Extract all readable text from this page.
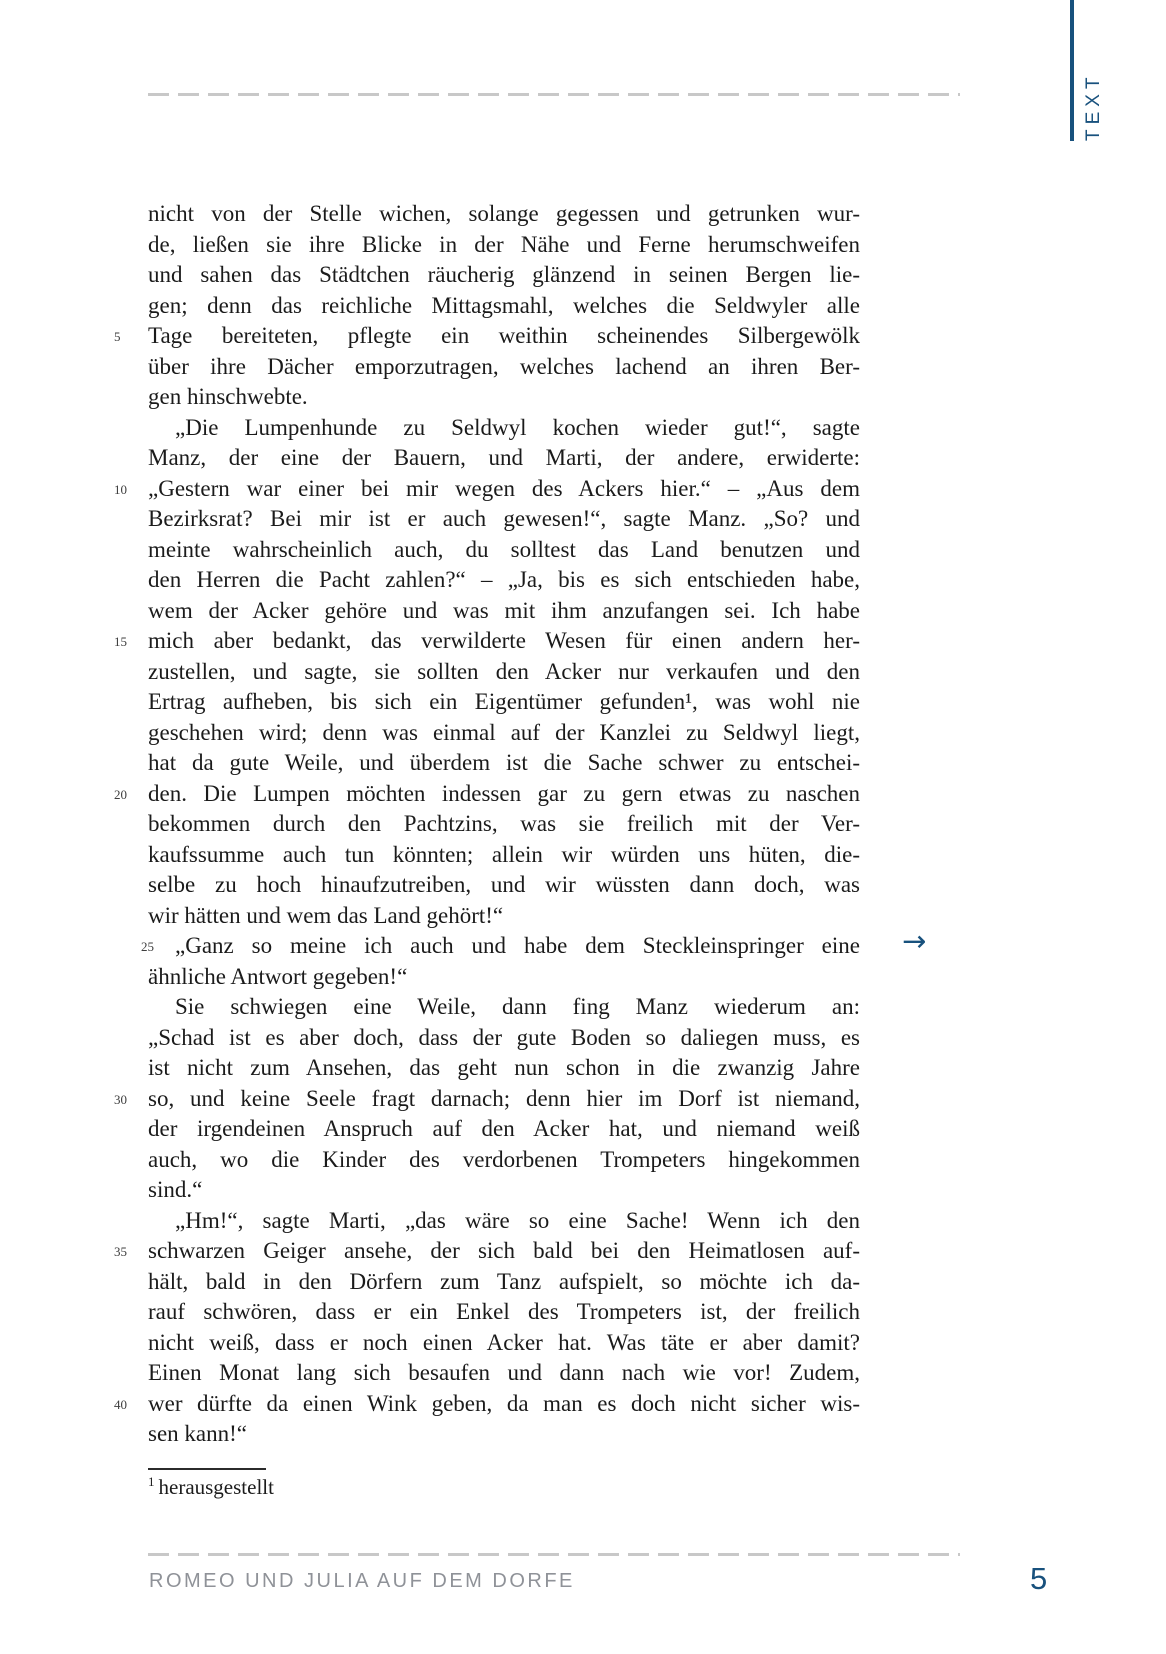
TEXT
nicht von der Stelle wichen, solange gegessen und getrunken wur-
de, ließen sie ihre Blicke in der Nähe und Ferne herumschweifen
und sahen das Städtchen räucherig glänzend in seinen Bergen lie-
gen; denn das reichliche Mittagsmahl, welches die Seldwyler alle
5	Tage bereiteten, pflegte ein weithin scheinendes Silbergewölk
über ihre Dächer emporzutragen, welches lachend an ihren Ber-
gen hinschwebte.
„Die Lumpenhunde zu Seldwyl kochen wieder gut!“, sagte
Manz, der eine der Bauern, und Marti, der andere, erwiderte:
10 „Gestern war einer bei mir wegen des Ackers hier.“ – „Aus dem
Bezirksrat? Bei mir ist er auch gewesen!“, sagte Manz. „So? und
meinte wahrscheinlich auch, du solltest das Land benutzen und
den Herren die Pacht zahlen?“ – „Ja, bis es sich entschieden habe,
wem der Acker gehöre und was mit ihm anzufangen sei. Ich habe
15 mich aber bedankt, das verwilderte Wesen für einen andern her-
zustellen, und sagte, sie sollten den Acker nur verkaufen und den
Ertrag aufheben, bis sich ein Eigentümer gefunden¹, was wohl nie
geschehen wird; denn was einmal auf der Kanzlei zu Seldwyl liegt,
hat da gute Weile, und überdem ist die Sache schwer zu entschei-
20 den. Die Lumpen möchten indessen gar zu gern etwas zu naschen
bekommen durch den Pachtzins, was sie freilich mit der Ver-
kaufssumme auch tun könnten; allein wir würden uns hüten, die-
selbe zu hoch hinaufzutreiben, und wir wüssten dann doch, was
wir hätten und wem das Land gehört!“
25 „Ganz so meine ich auch und habe dem Steckleinspringer eine
ähnliche Antwort gegeben!“
Sie schwiegen eine Weile, dann fing Manz wiederum an:
„Schad ist es aber doch, dass der gute Boden so daliegen muss, es
ist nicht zum Ansehen, das geht nun schon in die zwanzig Jahre
30 so, und keine Seele fragt darnach; denn hier im Dorf ist niemand,
der irgendeinen Anspruch auf den Acker hat, und niemand weiß
auch, wo die Kinder des verdorbenen Trompeters hingekommen
sind.“
„Hm!“, sagte Marti, „das wäre so eine Sache! Wenn ich den
35 schwarzen Geiger ansehe, der sich bald bei den Heimatlosen auf-
hält, bald in den Dörfern zum Tanz aufspielt, so möchte ich da-
rauf schwören, dass er ein Enkel des Trompeters ist, der freilich
nicht weiß, dass er noch einen Acker hat. Was täte er aber damit?
Einen Monat lang sich besaufen und dann nach wie vor! Zudem,
40 wer dürfte da einen Wink geben, da man es doch nicht sicher wis-
sen kann!“
→
$^1$ herausgestellt
ROMEO UND JULIA AUF DEM DORFE	5
